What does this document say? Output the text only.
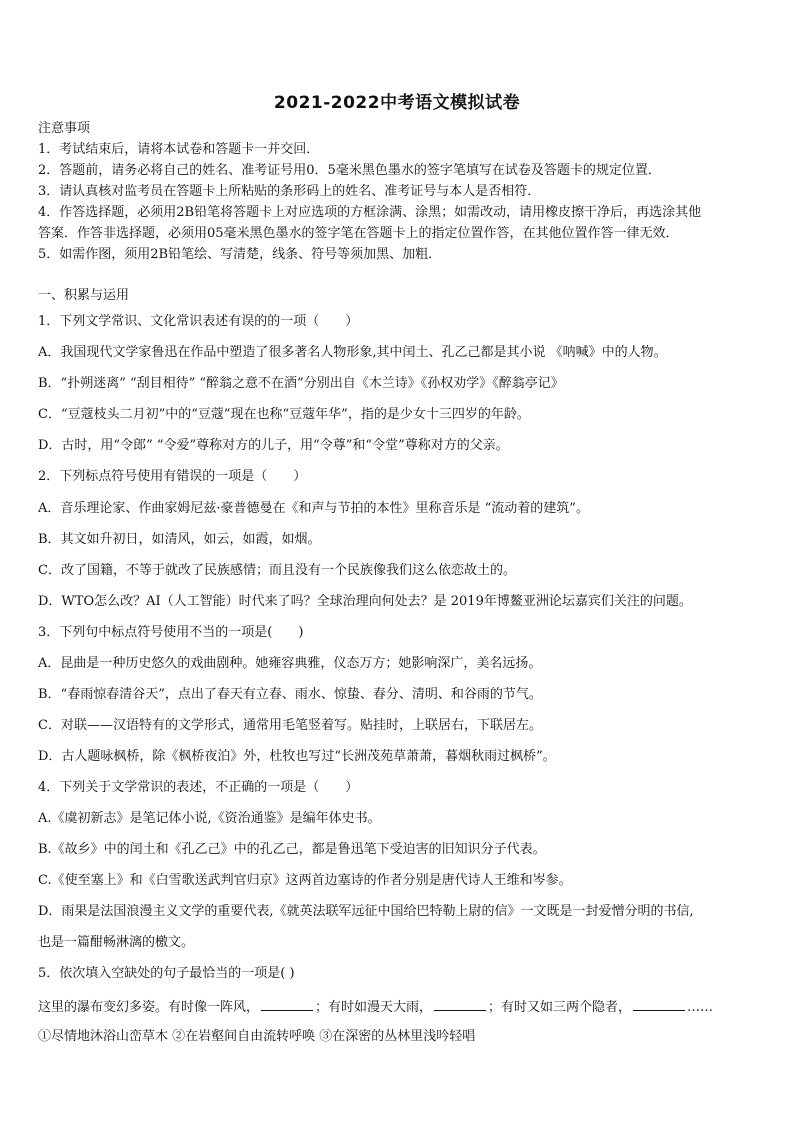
2021-2022中考语文模拟试卷
注意事项
1．考试结束后，请将本试卷和答题卡一并交回．
2．答题前，请务必将自己的姓名、准考证号用0．5毫米黑色墨水的签字笔填写在试卷及答题卡的规定位置．
3．请认真核对监考员在答题卡上所粘贴的条形码上的姓名、准考证号与本人是否相符．
4．作答选择题，必须用2B铅笔将答题卡上对应选项的方框涂满、涂黑；如需改动，请用橡皮擦干净后，再选涂其他
答案．作答非选择题，必须用05毫米黑色墨水的签字笔在答题卡上的指定位置作答，在其他位置作答一律无效．
5．如需作图，须用2B铅笔绘、写清楚，线条、符号等须加黑、加粗．
一、积累与运用
1．下列文学常识、文化常识表述有误的的一项（　　）
A．我国现代文学家鲁迅在作品中塑造了很多著名人物形象,其中闰土、孔乙己都是其小说 《呐喊》中的人物。
B．“扑朔迷离” “刮目相待” “醉翁之意不在酒”分别出自《木兰诗》《孙权劝学》《醉翁亭记》
C．“豆蔻枝头二月初”中的“豆蔻”现在也称“豆蔻年华”，指的是少女十三四岁的年龄。
D．古时，用“令郎” “令爱”尊称对方的儿子，用“令尊”和“令堂”尊称对方的父亲。
2．下列标点符号使用有错误的一项是（　　）
A．音乐理论家、作曲家姆尼兹·豪普德曼在《和声与节拍的本性》里称音乐是 “流动着的建筑”。
B．其文如升初日，如清风，如云，如霞，如烟。
C．改了国籍，不等于就改了民族感情；而且没有一个民族像我们这么依恋故土的。
D．WTO怎么改？AI（人工智能）时代来了吗？全球治理向何处去？是 2019年博鳌亚洲论坛嘉宾们关注的问题。
3．下列句中标点符号使用不当的一项是(　　)
A．昆曲是一种历史悠久的戏曲剧种。她雍容典雅，仪态万方；她影响深广，美名远扬。
B．“春雨惊春清谷天”，点出了春天有立春、雨水、惊蛰、春分、清明、和谷雨的节气。
C．对联——汉语特有的文学形式，通常用毛笔竖着写。贴挂时，上联居右，下联居左。
D．古人题咏枫桥，除《枫桥夜泊》外，杜牧也写过“长洲茂苑草萧萧，暮烟秋雨过枫桥”。
4．下列关于文学常识的表述，不正确的一项是（　　）
A.《虞初新志》是笔记体小说,《资治通鉴》是编年体史书。
B.《故乡》中的闰土和《孔乙己》中的孔乙己，都是鲁迅笔下受迫害的旧知识分子代表。
C.《使至塞上》和《白雪歌送武判官归京》这两首边塞诗的作者分别是唐代诗人王维和岑参。
D．雨果是法国浪漫主义文学的重要代表,《就英法联军远征中国给巴特勒上尉的信》一文既是一封爱憎分明的书信,
也是一篇酣畅淋漓的檄文。
5．依次填入空缺处的句子最恰当的一项是( )
这里的瀑布变幻多姿。有时像一阵风，	；有时如漫天大雨，	；有时又如三两个隐者，	……
①尽情地沐浴山峦草木 ②在岩壑间自由流转呼唤 ③在深密的丛林里浅吟轻唱
